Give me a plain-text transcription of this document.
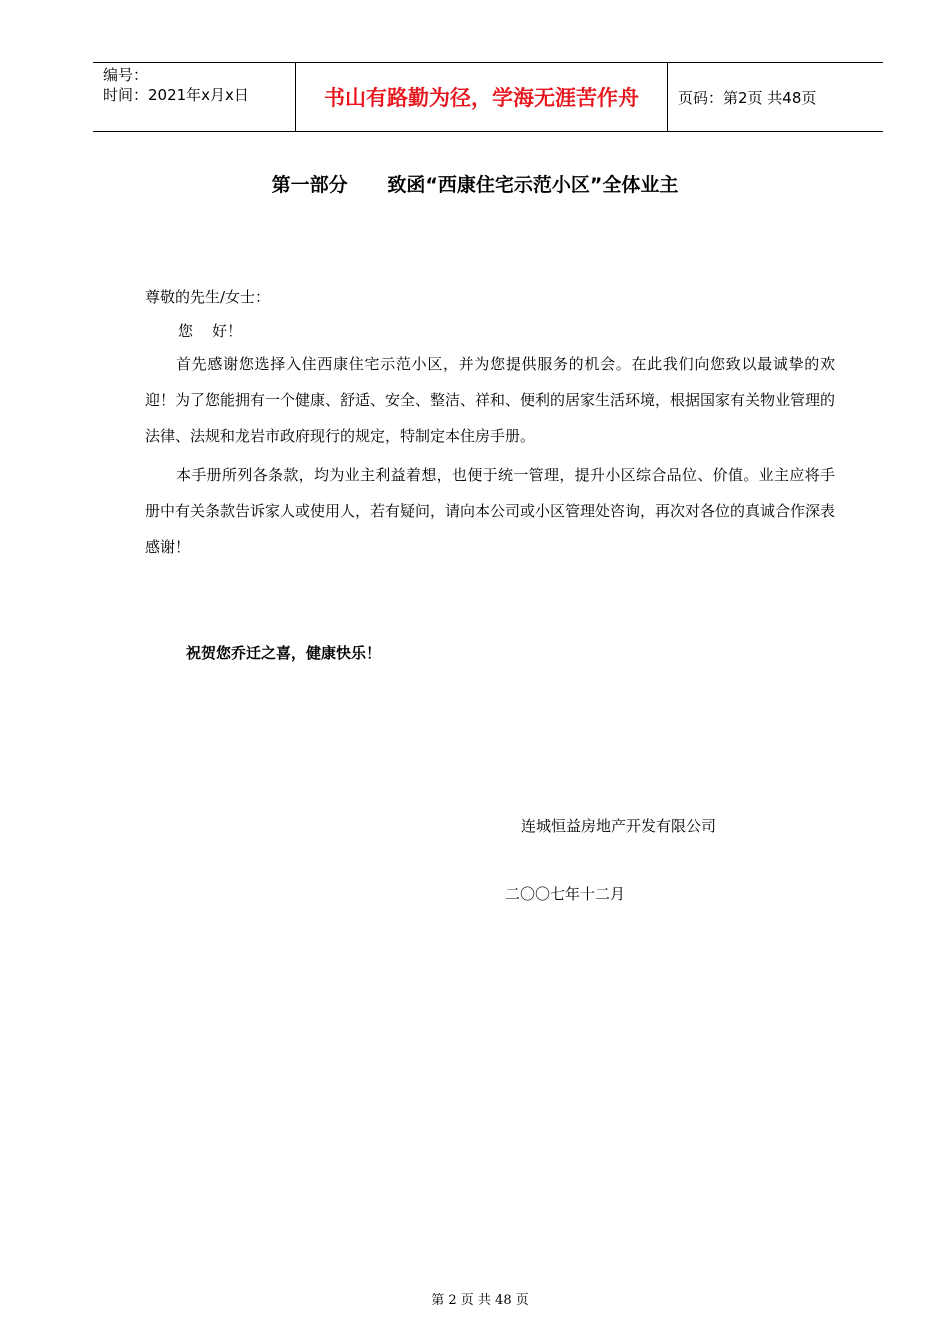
编号：
时间：2021年x月x日	书山有路勤为径，学海无涯苦作舟	页码：第2页 共48页
第一部分      致函“西康住宅示范小区”全体业主
尊敬的先生/女士：
您    好！
首先感谢您选择入住西康住宅示范小区，并为您提供服务的机会。在此我们向您致以最诚挚的欢迎！为了您能拥有一个健康、舒适、安全、整洁、祥和、便利的居家生活环境，根据国家有关物业管理的法律、法规和龙岩市政府现行的规定，特制定本住房手册。
本手册所列各条款，均为业主利益着想，也便于统一管理，提升小区综合品位、价值。业主应将手册中有关条款告诉家人或使用人，若有疑问，请向本公司或小区管理处咨询，再次对各位的真诚合作深表感谢！
祝贺您乔迁之喜，健康快乐！
连城恒益房地产开发有限公司
二〇〇七年十二月
第 2 页 共 48 页
